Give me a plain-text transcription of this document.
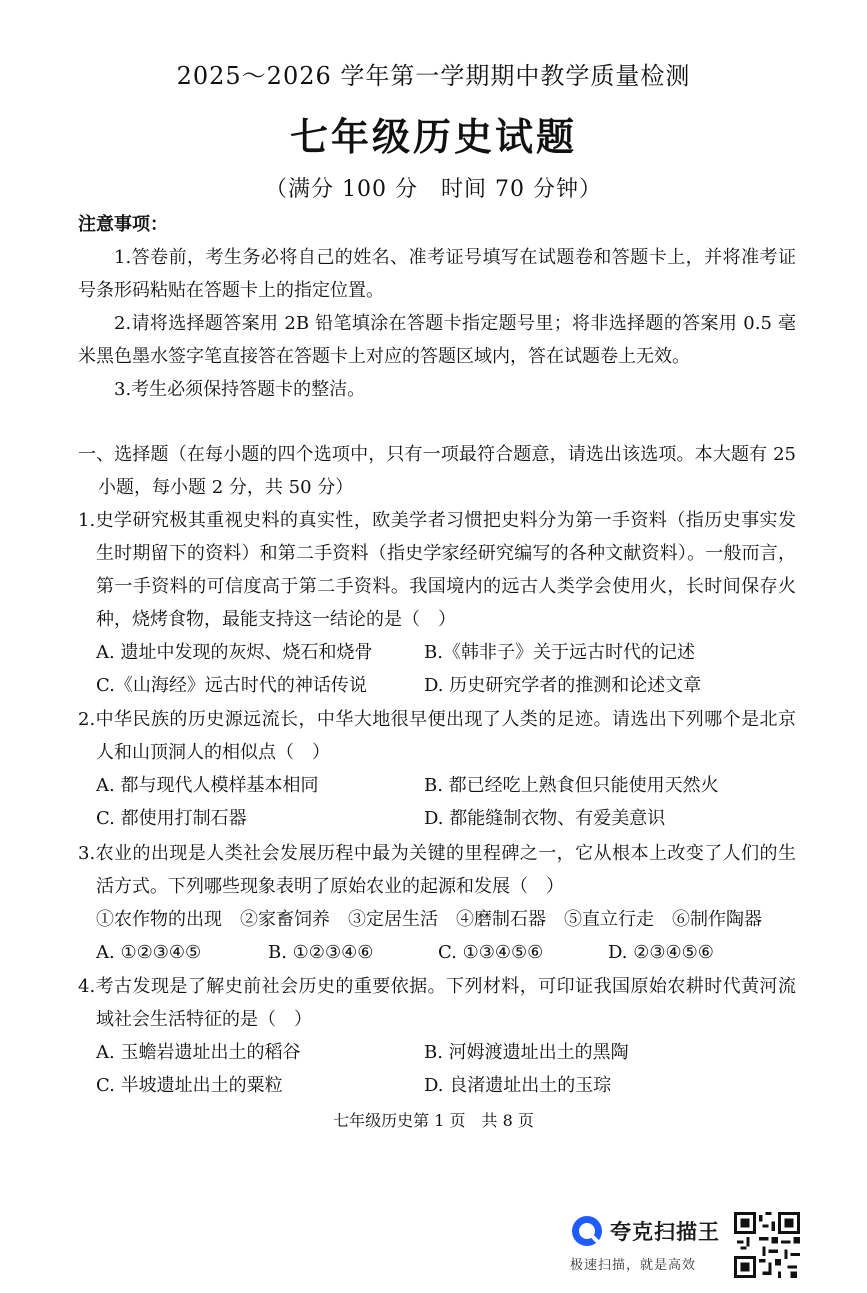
2025～2026 学年第一学期期中教学质量检测
七年级历史试题
（满分 100 分　时间 70 分钟）
注意事项：
1.答卷前，考生务必将自己的姓名、准考证号填写在试题卷和答题卡上，并将准考证号条形码粘贴在答题卡上的指定位置。
2.请将选择题答案用 2B 铅笔填涂在答题卡指定题号里；将非选择题的答案用 0.5 毫米黑色墨水签字笔直接答在答题卡上对应的答题区域内，答在试题卷上无效。
3.考生必须保持答题卡的整洁。
一、选择题（在每小题的四个选项中，只有一项最符合题意，请选出该选项。本大题有 25 小题，每小题 2 分，共 50 分）
1.史学研究极其重视史料的真实性，欧美学者习惯把史料分为第一手资料（指历史事实发生时期留下的资料）和第二手资料（指史学家经研究编写的各种文献资料）。一般而言，第一手资料的可信度高于第二手资料。我国境内的远古人类学会使用火，长时间保存火种，烧烤食物，最能支持这一结论的是（　）
A. 遗址中发现的灰烬、烧石和烧骨	B.《韩非子》关于远古时代的记述
C.《山海经》远古时代的神话传说	D. 历史研究学者的推测和论述文章
2.中华民族的历史源远流长，中华大地很早便出现了人类的足迹。请选出下列哪个是北京人和山顶洞人的相似点（　）
A. 都与现代人模样基本相同	B. 都已经吃上熟食但只能使用天然火
C. 都使用打制石器	D. 都能缝制衣物、有爱美意识
3.农业的出现是人类社会发展历程中最为关键的里程碑之一，它从根本上改变了人们的生活方式。下列哪些现象表明了原始农业的起源和发展（　）
①农作物的出现　②家畜饲养　③定居生活　④磨制石器　⑤直立行走　⑥制作陶器
A. ①②③④⑤	B. ①②③④⑥	C. ①③④⑤⑥	D. ②③④⑤⑥
4.考古发现是了解史前社会历史的重要依据。下列材料，可印证我国原始农耕时代黄河流域社会生活特征的是（　）
A. 玉蟾岩遗址出土的稻谷	B. 河姆渡遗址出土的黑陶
C. 半坡遗址出土的粟粒	D. 良渚遗址出土的玉琮
七年级历史第 1 页　共 8 页
夸克扫描王
极速扫描，就是高效
